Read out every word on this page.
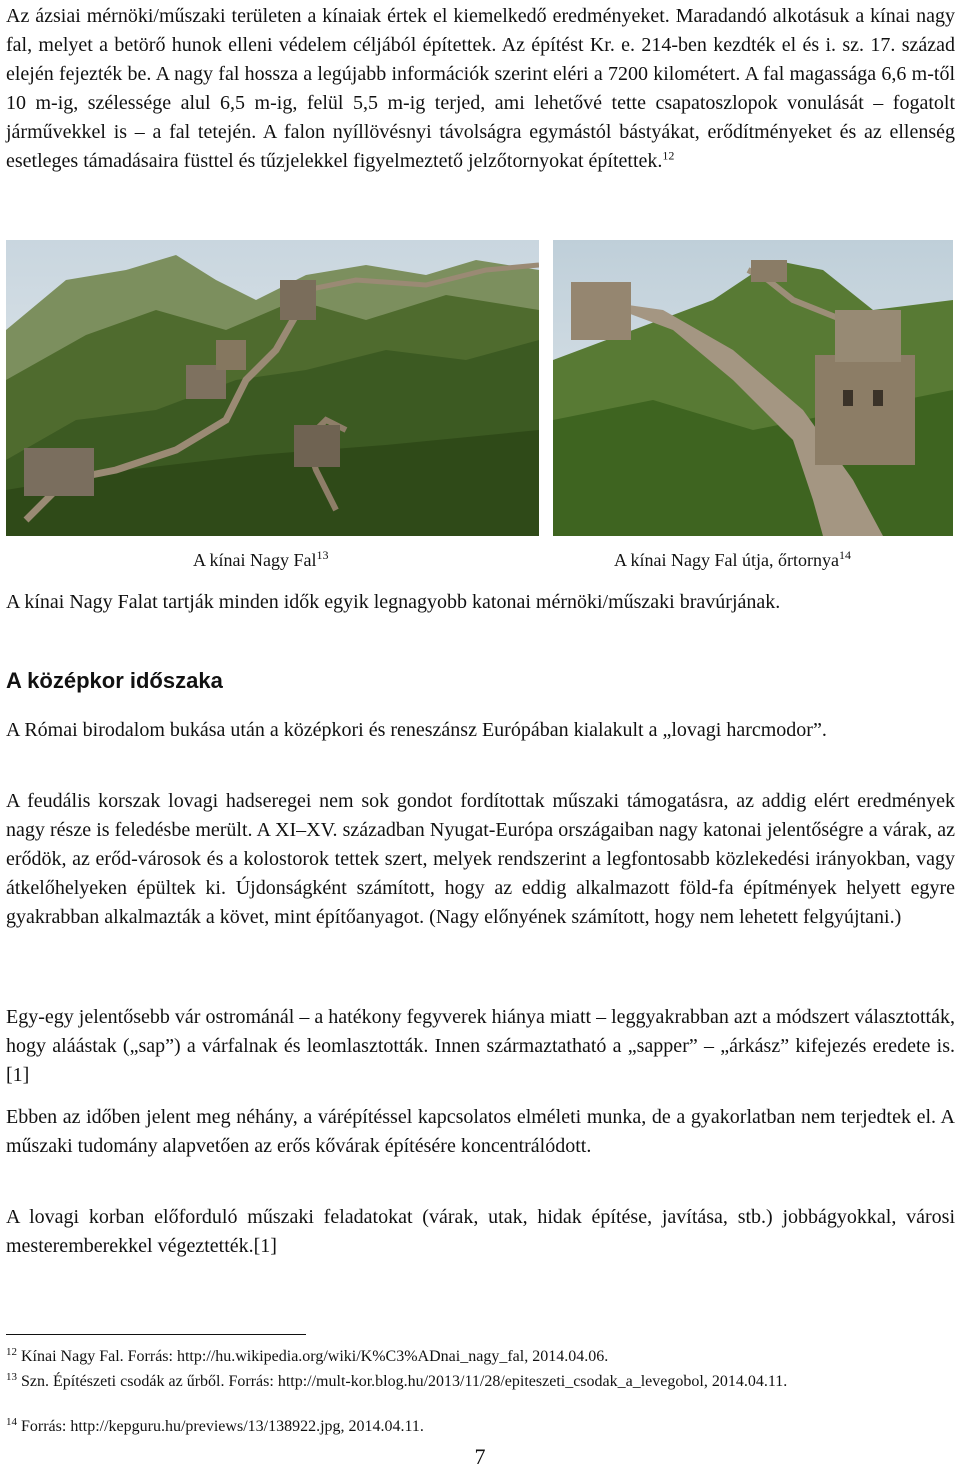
Az ázsiai mérnöki/műszaki területen a kínaiak értek el kiemelkedő eredményeket. Maradandó alkotásuk a kínai nagy fal, melyet a betörő hunok elleni védelem céljából építettek. Az építést Kr. e. 214-ben kezdték el és i. sz. 17. század elején fejezték be. A nagy fal hossza a legújabb információk szerint eléri a 7200 kilométert. A fal magassága 6,6 m-től 10 m-ig, szélessége alul 6,5 m-ig, felül 5,5 m-ig terjed, ami lehetővé tette csapatoszlopok vonulását – fogatolt járművekkel is – a fal tetején. A falon nyíllövésnyi távolságra egymástól bástyákat, erődítményeket és az ellenség esetleges támadásaira füsttel és tűzjelekkel figyelmeztető jelzőtornyokat építettek.$^{12}$

A kínai Nagy Fal$^{13}$	A kínai Nagy Fal útja, őrtornya$^{14}$

A kínai Nagy Falat tartják minden idők egyik legnagyobb katonai mérnöki/műszaki bravúrjának.

A középkor időszaka

A Római birodalom bukása után a középkori és reneszánsz Európában kialakult a „lovagi harcmodor”.

A feudális korszak lovagi hadseregei nem sok gondot fordítottak műszaki támogatásra, az addig elért eredmények nagy része is feledésbe merült. A XI–XV. században Nyugat-Európa országaiban nagy katonai jelentőségre a várak, az erődök, az erőd-városok és a kolostorok tettek szert, melyek rendszerint a legfontosabb közlekedési irányokban, vagy átkelőhelyeken épültek ki. Újdonságként számított, hogy az eddig alkalmazott föld-fa építmények helyett egyre gyakrabban alkalmazták a követ, mint építőanyagot. (Nagy előnyének számított, hogy nem lehetett felgyújtani.)

Egy-egy jelentősebb vár ostrománál – a hatékony fegyverek hiánya miatt – leggyakrabban azt a módszert választották, hogy aláástak („sap”) a várfalnak és leomlasztották. Innen származtatható a „sapper” – „árkász” kifejezés eredete is.[1]

Ebben az időben jelent meg néhány, a várépítéssel kapcsolatos elméleti munka, de a gyakorlatban nem terjedtek el. A műszaki tudomány alapvetően az erős kővárak építésére koncentrálódott.

A lovagi korban előforduló műszaki feladatokat (várak, utak, hidak építése, javítása, stb.) jobbágyokkal, városi mesteremberekkel végeztették.[1]

$^{12}$ Kínai Nagy Fal. Forrás: http://hu.wikipedia.org/wiki/K%C3%ADnai_nagy_fal, 2014.04.06.

$^{13}$ Szn. Építészeti csodák az űrből. Forrás: http://mult-kor.blog.hu/2013/11/28/epiteszeti_csodak_a_levegobol, 2014.04.11.

$^{14}$ Forrás: http://kepguru.hu/previews/13/138922.jpg, 2014.04.11.

7
